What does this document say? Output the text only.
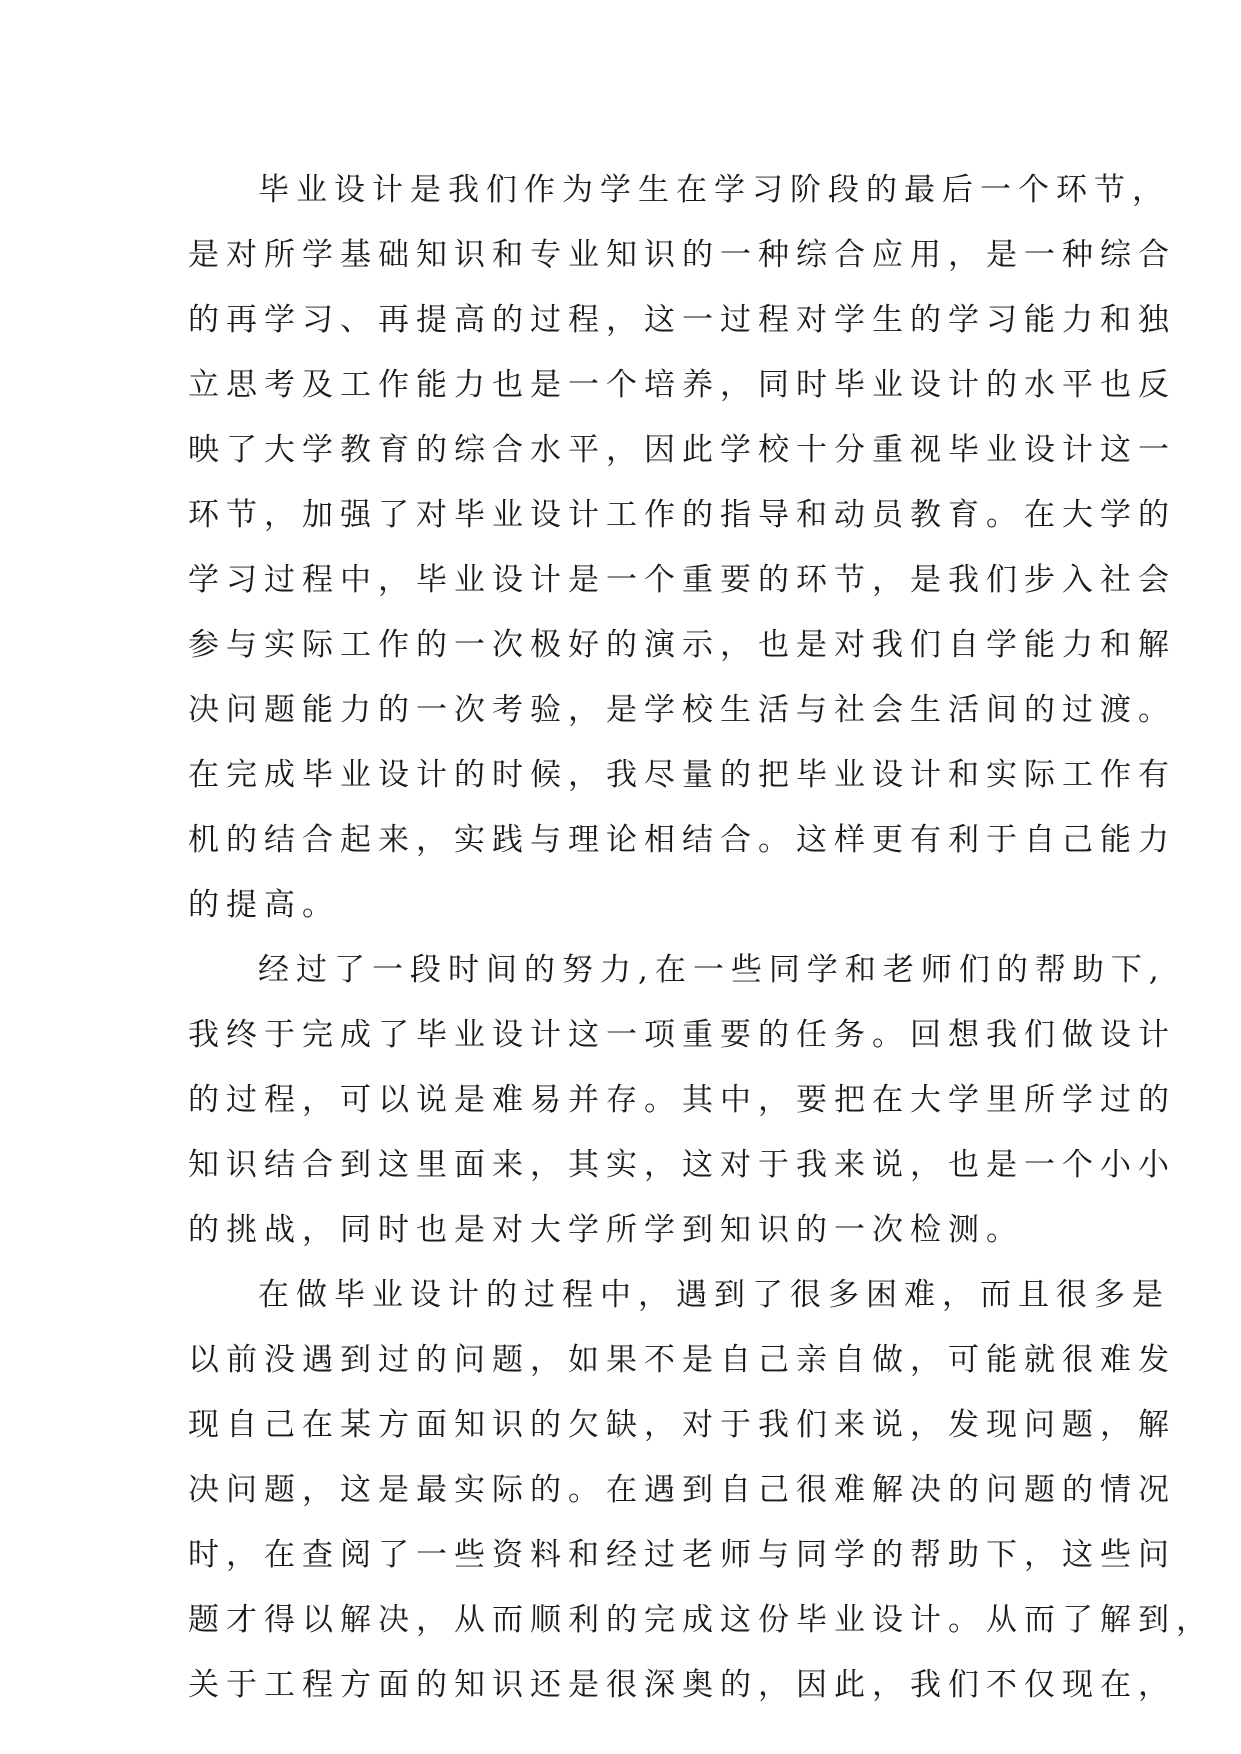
毕业设计是我们作为学生在学习阶段的最后一个环节，
是对所学基础知识和专业知识的一种综合应用，是一种综合
的再学习、再提高的过程，这一过程对学生的学习能力和独
立思考及工作能力也是一个培养，同时毕业设计的水平也反
映了大学教育的综合水平，因此学校十分重视毕业设计这一
环节，加强了对毕业设计工作的指导和动员教育。在大学的
学习过程中，毕业设计是一个重要的环节，是我们步入社会
参与实际工作的一次极好的演示，也是对我们自学能力和解
决问题能力的一次考验，是学校生活与社会生活间的过渡。
在完成毕业设计的时候，我尽量的把毕业设计和实际工作有
机的结合起来，实践与理论相结合。这样更有利于自己能力
的提高。
经过了一段时间的努力,在一些同学和老师们的帮助下,
我终于完成了毕业设计这一项重要的任务。回想我们做设计
的过程，可以说是难易并存。其中，要把在大学里所学过的
知识结合到这里面来，其实，这对于我来说，也是一个小小
的挑战，同时也是对大学所学到知识的一次检测。
在做毕业设计的过程中，遇到了很多困难，而且很多是
以前没遇到过的问题，如果不是自己亲自做，可能就很难发
现自己在某方面知识的欠缺，对于我们来说，发现问题，解
决问题，这是最实际的。在遇到自己很难解决的问题的情况
时，在查阅了一些资料和经过老师与同学的帮助下，这些问
题才得以解决，从而顺利的完成这份毕业设计。从而了解到，
关于工程方面的知识还是很深奥的，因此，我们不仅现在，
